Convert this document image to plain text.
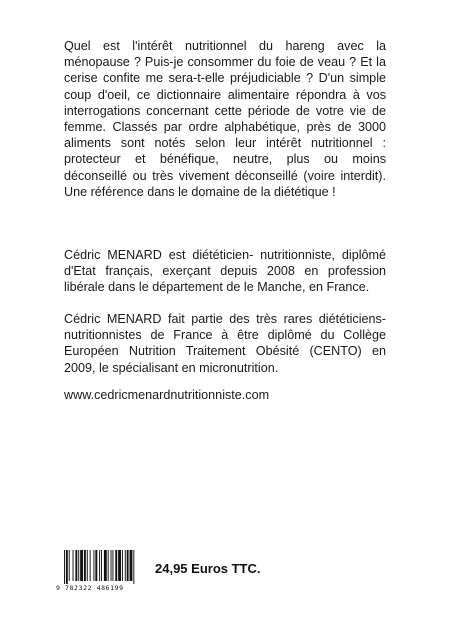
Quel est l'intérêt nutritionnel du hareng avec la ménopause ? Puis-je consommer du foie de veau ? Et la cerise confite me sera-t-elle préjudiciable ? D'un simple coup d'oeil, ce dictionnaire alimentaire répondra à vos interrogations concernant cette période de votre vie de femme. Classés par ordre alphabétique, près de 3000 aliments sont notés selon leur intérêt nutritionnel : protecteur et bénéfique, neutre, plus ou moins déconseillé ou très vivement déconseillé (voire interdit). Une référence dans le domaine de la diététique !

Cédric MENARD est diététicien- nutritionniste, diplômé d'Etat français, exerçant depuis 2008 en profession libérale dans le département de le Manche, en France.

Cédric MENARD fait partie des très rares diététiciens-nutritionnistes de France à être diplômé du Collège Européen Nutrition Traitement Obésité (CENTO) en 2009, le spécialisant en micronutrition.

www.cedricmenardnutritionniste.com

9 782322 486199

24,95 Euros TTC.
